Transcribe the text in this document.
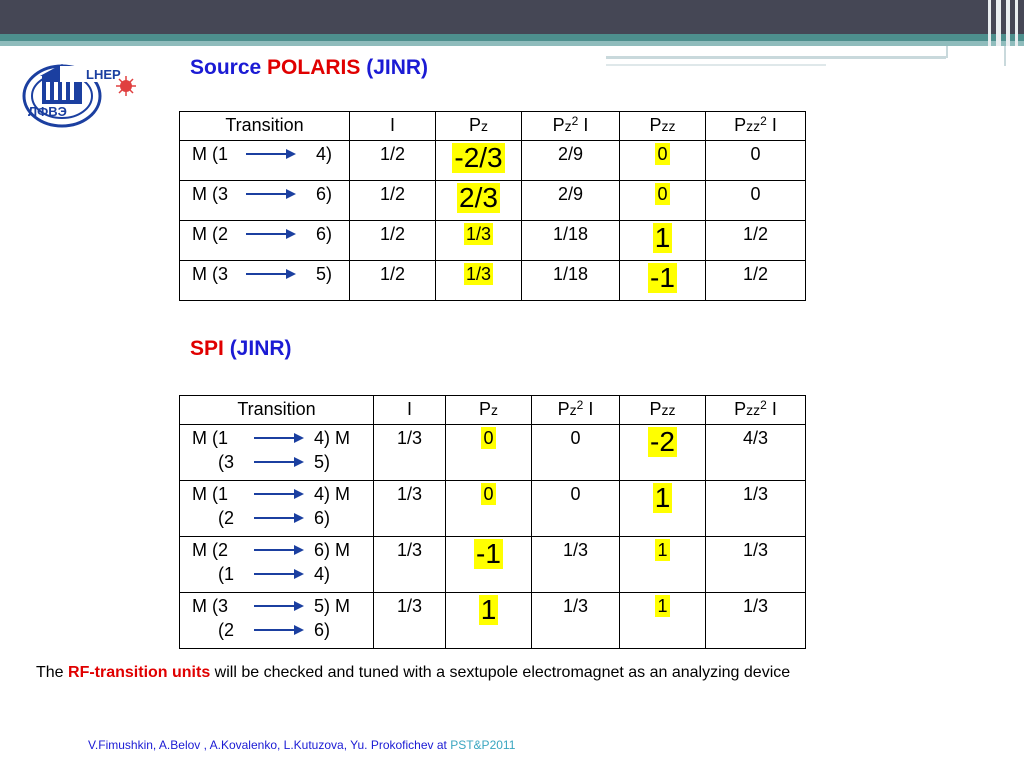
LHEP
ЛФВЭ
Source POLARIS (JINR)
Transition	I	Pz	Pz$^2$ I	Pzz	Pzz$^2$ I

M (1 4)	1/2	-2/3	2/9	0	0

M (3 6)	1/2	2/3	2/9	0	0

M (2 6)	1/2	1/3	1/18	1	1/2

M (3 5)	1/2	1/3	1/18	-1	1/2
SPI (JINR)
Transition	I	Pz	Pz$^2$ I	Pzz	Pzz$^2$ I

M (1 4) M
(3 5)	1/3	0	0	-2	4/3

M (1 4) M
(2 6)	1/3	0	0	1	1/3

M (2 6) M
(1 4)	1/3	-1	1/3	1	1/3

M (3 5) M
(2 6)	1/3	1	1/3	1	1/3
The RF-transition units will be checked and tuned with a sextupole electromagnet as an analyzing device
V.Fimushkin, A.Belov , A.Kovalenko, L.Kutuzova, Yu. Prokofichev at PST&P2011
